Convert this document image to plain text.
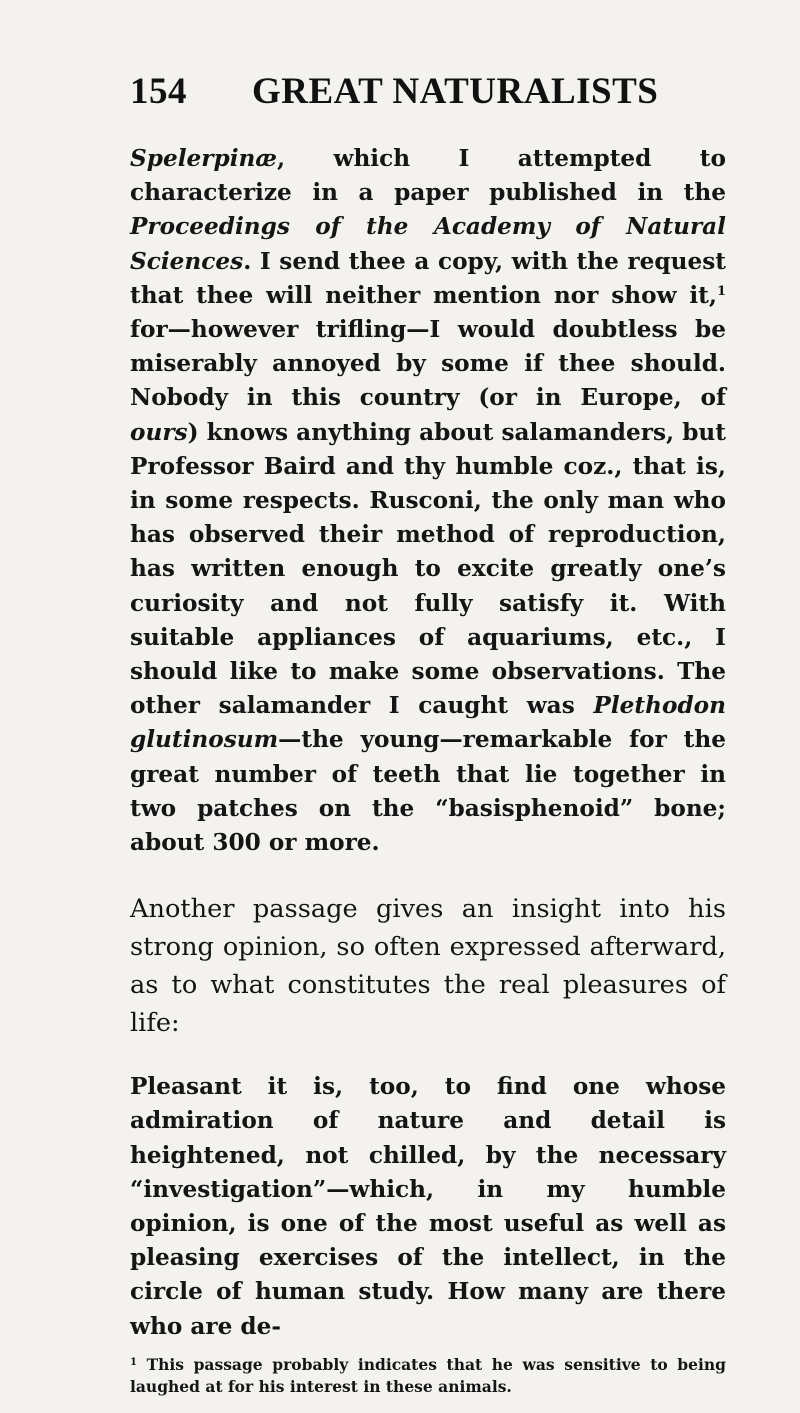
154 GREAT NATURALISTS

Spelerpinæ, which I attempted to characterize in a paper published in the Proceedings of the Academy of Natural Sciences. I send thee a copy, with the request that thee will neither mention nor show it,$^1$ for—however trifling—I would doubtless be miserably annoyed by some if thee should. Nobody in this country (or in Europe, of ours) knows anything about salamanders, but Professor Baird and thy humble coz., that is, in some respects. Rusconi, the only man who has observed their method of reproduction, has written enough to excite greatly one’s curiosity and not fully satisfy it. With suitable appliances of aquariums, etc., I should like to make some observations. The other salamander I caught was Plethodon glutinosum—the young—remarkable for the great number of teeth that lie together in two patches on the “basisphenoid” bone; about 300 or more.

Another passage gives an insight into his strong opinion, so often expressed afterward, as to what constitutes the real pleasures of life:

Pleasant it is, too, to find one whose admiration of nature and detail is heightened, not chilled, by the necessary “investigation”—which, in my humble opinion, is one of the most useful as well as pleasing exercises of the intellect, in the circle of human study. How many are there who are de-

$^1$ This passage probably indicates that he was sensitive to being laughed at for his interest in these animals.
